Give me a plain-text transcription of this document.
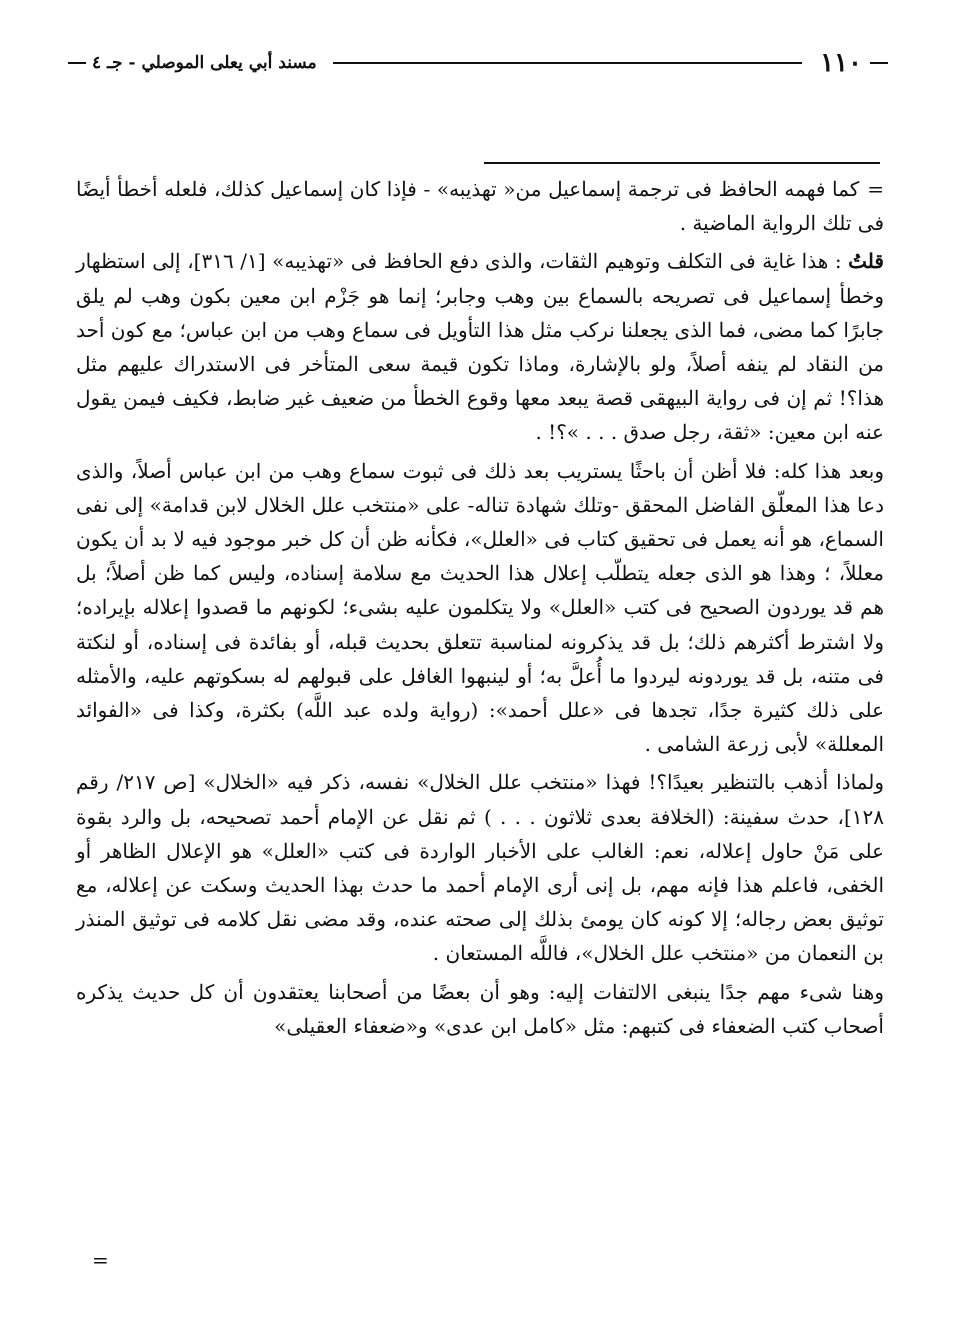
١١٠
مسند أبي يعلى الموصلي - جـ ٤

=كما فهمه الحافظ فى ترجمة إسماعيل من« تهذيبه» - فإذا كان إسماعيل كذلك، فلعله أخطأ أيضًا فى تلك الرواية الماضية .

قلتُ : هذا غاية فى التكلف وتوهيم الثقات، والذى دفع الحافظ فى «تهذيبه» [١/ ٣١٦]، إلى استظهار وخطأ إسماعيل فى تصريحه بالسماع بين وهب وجابر؛ إنما هو جَزْم ابن معين بكون وهب لم يلق جابرًا كما مضى، فما الذى يجعلنا نركب مثل هذا التأويل فى سماع وهب من ابن عباس؛ مع كون أحد من النقاد لم ينفه أصلاً، ولو بالإشارة، وماذا تكون قيمة سعى المتأخر فى الاستدراك عليهم مثل هذا؟! ثم إن فى رواية البيهقى قصة يبعد معها وقوع الخطأ من ضعيف غير ضابط، فكيف فيمن يقول عنه ابن معين: «ثقة، رجل صدق . . . »؟! .

وبعد هذا كله: فلا أظن أن باحثًا يستريب بعد ذلك فى ثبوت سماع وهب من ابن عباس أصلاً، والذى دعا هذا المعلّق الفاضل المحقق -وتلك شهادة تناله- على «منتخب علل الخلال لابن قدامة» إلى نفى السماع، هو أنه يعمل فى تحقيق كتاب فى «العلل»، فكأنه ظن أن كل خبر موجود فيه لا بد أن يكون معللاً، ؛ وهذا هو الذى جعله يتطلّب إعلال هذا الحديث مع سلامة إسناده، وليس كما ظن أصلاً؛ بل هم قد يوردون الصحيح فى كتب «العلل» ولا يتكلمون عليه بشىء؛ لكونهم ما قصدوا إعلاله بإيراده؛ ولا اشترط أكثرهم ذلك؛ بل قد يذكرونه لمناسبة تتعلق بحديث قبله، أو بفائدة فى إسناده، أو لنكتة فى متنه، بل قد يوردونه ليردوا ما أُعلَّ به؛ أو لينبهوا الغافل على قبولهم له بسكوتهم عليه، والأمثله على ذلك كثيرة جدًا، تجدها فى «علل أحمد»: (رواية ولده عبد اللَّه) بكثرة، وكذا فى «الفوائد المعللة» لأبى زرعة الشامى .

ولماذا أذهب بالتنظير بعيدًا؟! فهذا «منتخب علل الخلال» نفسه، ذكر فيه «الخلال» [ص ٢١٧/ رقم ١٢٨]، حدث سفينة: (الخلافة بعدى ثلاثون . . . ) ثم نقل عن الإمام أحمد تصحيحه، بل والرد بقوة على مَنْ حاول إعلاله، نعم: الغالب على الأخبار الواردة فى كتب «العلل» هو الإعلال الظاهر أو الخفى، فاعلم هذا فإنه مهم، بل إنى أرى الإمام أحمد ما حدث بهذا الحديث وسكت عن إعلاله، مع توثيق بعض رجاله؛ إلا كونه كان يومئ بذلك إلى صحته عنده، وقد مضى نقل كلامه فى توثيق المنذر بن النعمان من «منتخب علل الخلال»، فاللَّه المستعان .

وهنا شىء مهم جدًا ينبغى الالتفات إليه: وهو أن بعضًا من أصحابنا يعتقدون أن كل حديث يذكره أصحاب كتب الضعفاء فى كتبهم: مثل «كامل ابن عدى» و«ضعفاء العقيلى»

=
